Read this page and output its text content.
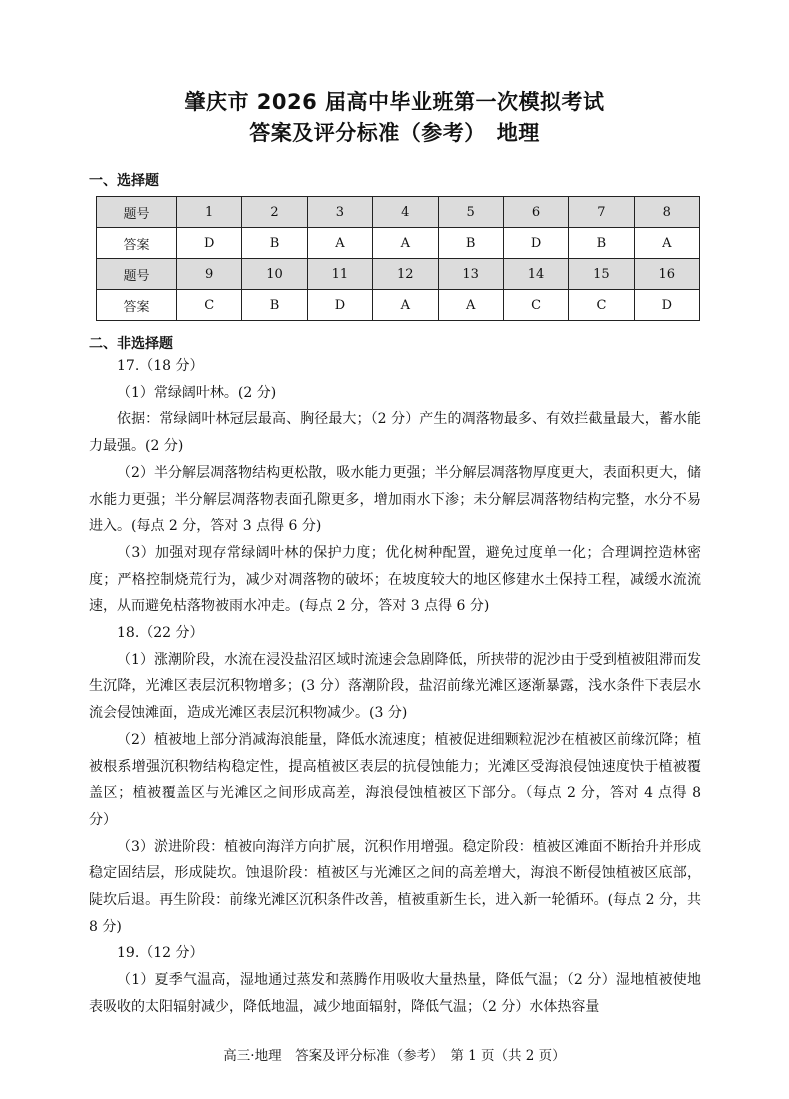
肇庆市 2026 届高中毕业班第一次模拟考试
答案及评分标准（参考）　地理
一、选择题
题号	1	2	3	4	5	6	7	8
答案	D	B	A	A	B	D	B	A
题号	9	10	11	12	13	14	15	16
答案	C	B	D	A	A	C	C	D
二、非选择题

17.（18 分）

（1）常绿阔叶林。(2 分)

依据：常绿阔叶林冠层最高、胸径最大；（2 分）产生的凋落物最多、有效拦截量最大，蓄水能力最强。(2 分)

（2）半分解层凋落物结构更松散，吸水能力更强；半分解层凋落物厚度更大，表面积更大，储水能力更强；半分解层凋落物表面孔隙更多，增加雨水下渗；未分解层凋落物结构完整，水分不易进入。(每点 2 分，答对 3 点得 6 分)

（3）加强对现存常绿阔叶林的保护力度；优化树种配置，避免过度单一化；合理调控造林密度；严格控制烧荒行为，减少对凋落物的破坏；在坡度较大的地区修建水土保持工程，减缓水流流速，从而避免枯落物被雨水冲走。(每点 2 分，答对 3 点得 6 分)

18.（22 分）

（1）涨潮阶段，水流在浸没盐沼区域时流速会急剧降低，所挟带的泥沙由于受到植被阻滞而发生沉降，光滩区表层沉积物增多；(3 分）落潮阶段，盐沼前缘光滩区逐渐暴露，浅水条件下表层水流会侵蚀滩面，造成光滩区表层沉积物减少。(3 分)

（2）植被地上部分消减海浪能量，降低水流速度；植被促进细颗粒泥沙在植被区前缘沉降；植被根系增强沉积物结构稳定性，提高植被区表层的抗侵蚀能力；光滩区受海浪侵蚀速度快于植被覆盖区；植被覆盖区与光滩区之间形成高差，海浪侵蚀植被区下部分。（每点 2 分，答对 4 点得 8 分）

（3）淤进阶段：植被向海洋方向扩展，沉积作用增强。稳定阶段：植被区滩面不断抬升并形成稳定固结层，形成陡坎。蚀退阶段：植被区与光滩区之间的高差增大，海浪不断侵蚀植被区底部，陡坎后退。再生阶段：前缘光滩区沉积条件改善，植被重新生长，进入新一轮循环。(每点 2 分，共 8 分)

19.（12 分）

（1）夏季气温高，湿地通过蒸发和蒸腾作用吸收大量热量，降低气温；（2 分）湿地植被使地表吸收的太阳辐射减少，降低地温，减少地面辐射，降低气温；（2 分）水体热容量

高三·地理　答案及评分标准（参考）　第 1 页（共 2 页）
